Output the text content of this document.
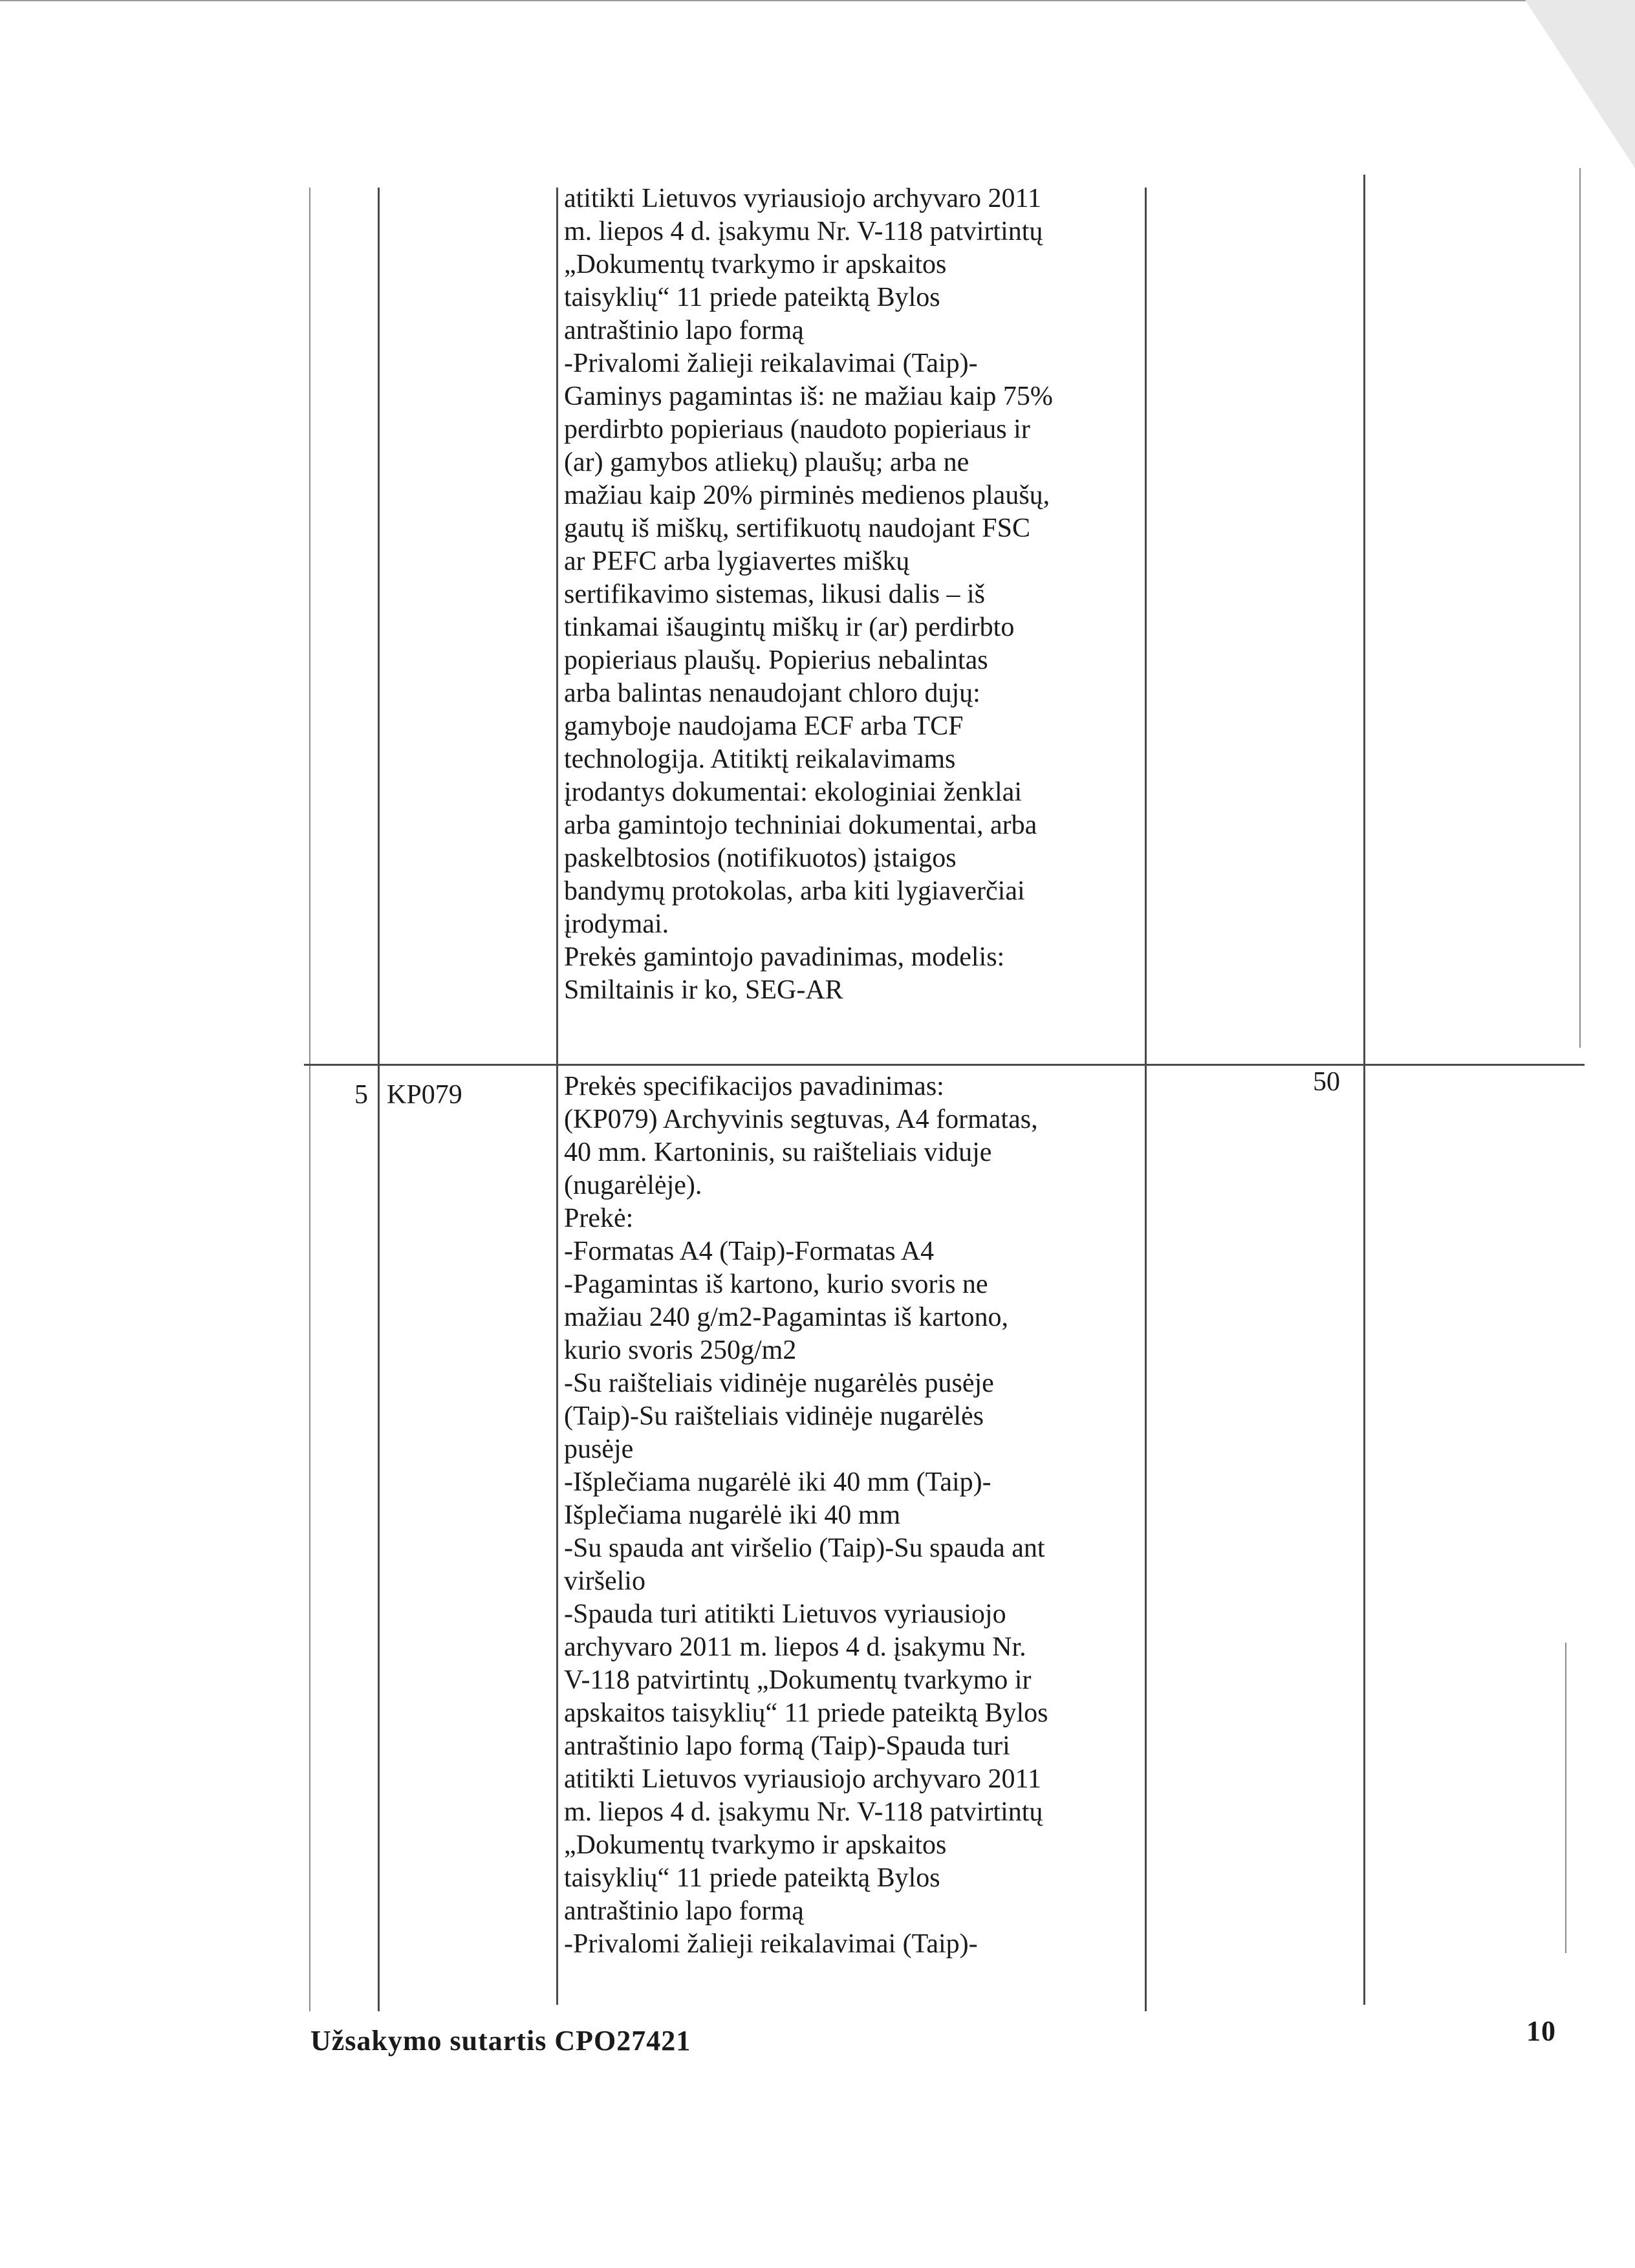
atitikti Lietuvos vyriausiojo archyvaro 2011
m. liepos 4 d. įsakymu Nr. V-118 patvirtintų
„Dokumentų tvarkymo ir apskaitos
taisyklių“ 11 priede pateiktą Bylos
antraštinio lapo formą
-Privalomi žalieji reikalavimai (Taip)-
Gaminys pagamintas iš: ne mažiau kaip 75%
perdirbto popieriaus (naudoto popieriaus ir
(ar) gamybos atliekų) plaušų; arba ne
mažiau kaip 20% pirminės medienos plaušų,
gautų iš miškų, sertifikuotų naudojant FSC
ar PEFC arba lygiavertes miškų
sertifikavimo sistemas, likusi dalis – iš
tinkamai išaugintų miškų ir (ar) perdirbto
popieriaus plaušų. Popierius nebalintas
arba balintas nenaudojant chloro dujų:
gamyboje naudojama ECF arba TCF
technologija. Atitiktį reikalavimams
įrodantys dokumentai: ekologiniai ženklai
arba gamintojo techniniai dokumentai, arba
paskelbtosios (notifikuotos) įstaigos
bandymų protokolas, arba kiti lygiaverčiai
įrodymai.
Prekės gamintojo pavadinimas, modelis:
Smiltainis ir ko, SEG-AR
5 KP079	Prekės specifikacijos pavadinimas:
(KP079) Archyvinis segtuvas, A4 formatas,
40 mm. Kartoninis, su raišteliais viduje
(nugarėlėje).
Prekė:
-Formatas A4 (Taip)-Formatas A4
-Pagamintas iš kartono, kurio svoris ne
mažiau 240 g/m2-Pagamintas iš kartono,
kurio svoris 250g/m2
-Su raišteliais vidinėje nugarėlės pusėje
(Taip)-Su raišteliais vidinėje nugarėlės
pusėje
-Išplečiama nugarėlė iki 40 mm (Taip)-
Išplečiama nugarėlė iki 40 mm
-Su spauda ant viršelio (Taip)-Su spauda ant
viršelio
-Spauda turi atitikti Lietuvos vyriausiojo
archyvaro 2011 m. liepos 4 d. įsakymu Nr.
V-118 patvirtintų „Dokumentų tvarkymo ir
apskaitos taisyklių“ 11 priede pateiktą Bylos
antraštinio lapo formą (Taip)-Spauda turi
atitikti Lietuvos vyriausiojo archyvaro 2011
m. liepos 4 d. įsakymu Nr. V-118 patvirtintų
„Dokumentų tvarkymo ir apskaitos
taisyklių“ 11 priede pateiktą Bylos
antraštinio lapo formą
-Privalomi žalieji reikalavimai (Taip)-
50
Užsakymo sutartis CPO27421	10
